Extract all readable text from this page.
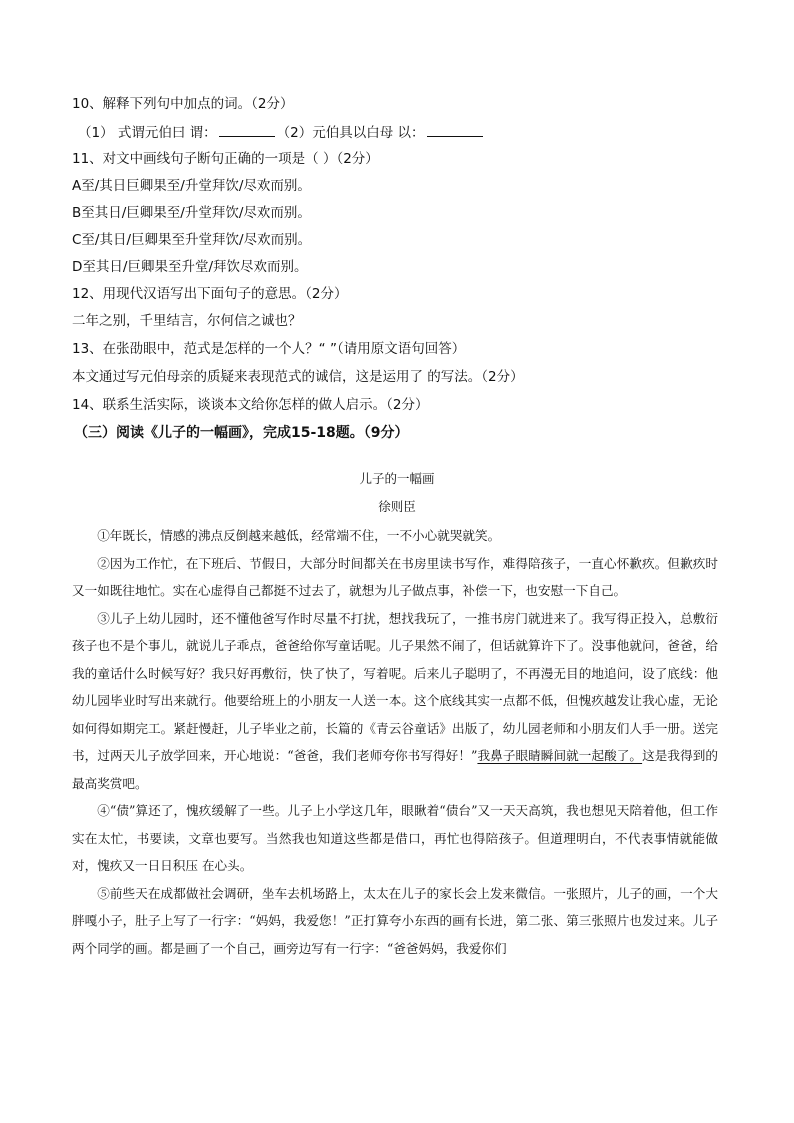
10、解释下列句中加点的词。（2分）
（1） 式谓元伯曰 谓：	（2）元伯具以白母 以：
11、对文中画线句子断句正确的一项是（ ）（2分）
A至/其日巨卿果至/升堂拜饮/尽欢而别。
B至其日/巨卿果至/升堂拜饮/尽欢而别。
C至/其日/巨卿果至升堂拜饮/尽欢而别。
D至其日/巨卿果至升堂/拜饮尽欢而别。
12、用现代汉语写出下面句子的意思。（2分）
二年之别，千里结言，尔何信之诚也？
13、在张劭眼中，范式是怎样的一个人？“ ”（请用原文语句回答）
本文通过写元伯母亲的质疑来表现范式的诚信，这是运用了 的写法。（2分）
14、联系生活实际，谈谈本文给你怎样的做人启示。（2分）
（三）阅读《儿子的一幅画》，完成15-18题。（9分）
儿子的一幅画
徐则臣

①年既长，情感的沸点反倒越来越低，经常端不住，一不小心就哭就笑。

②因为工作忙，在下班后、节假日，大部分时间都关在书房里读书写作，难得陪孩子，一直心怀歉疚。但歉疚时又一如既往地忙。实在心虚得自己都挺不过去了，就想为儿子做点事，补偿一下，也安慰一下自己。

③儿子上幼儿园时，还不懂他爸写作时尽量不打扰，想找我玩了，一推书房门就进来了。我写得正投入，总敷衍孩子也不是个事儿，就说儿子乖点，爸爸给你写童话呢。儿子果然不闹了，但话就算许下了。没事他就问，爸爸，给我的童话什么时候写好？我只好再敷衍，快了快了，写着呢。后来儿子聪明了，不再漫无目的地追问，设了底线：他幼儿园毕业时写出来就行。他要给班上的小朋友一人送一本。这个底线其实一点都不低，但愧疚越发让我心虚，无论如何得如期完工。紧赶慢赶，儿子毕业之前，长篇的《青云谷童话》出版了，幼儿园老师和小朋友们人手一册。送完书，过两天儿子放学回来，开心地说：“爸爸，我们老师夸你书写得好！”我鼻子眼睛瞬间就一起酸了。这是我得到的最高奖赏吧。

④“债”算还了，愧疚缓解了一些。儿子上小学这几年，眼瞅着“债台”又一天天高筑，我也想见天陪着他，但工作实在太忙，书要读，文章也要写。当然我也知道这些都是借口，再忙也得陪孩子。但道理明白，不代表事情就能做对，愧疚又一日日积压 在心头。

⑤前些天在成都做社会调研，坐车去机场路上，太太在儿子的家长会上发来微信。一张照片，儿子的画，一个大胖嘎小子，肚子上写了一行字：“妈妈，我爱您！”正打算夸小东西的画有长进，第二张、第三张照片也发过来。儿子两个同学的画。都是画了一个自己，画旁边写有一行字：“爸爸妈妈，我爱你们
